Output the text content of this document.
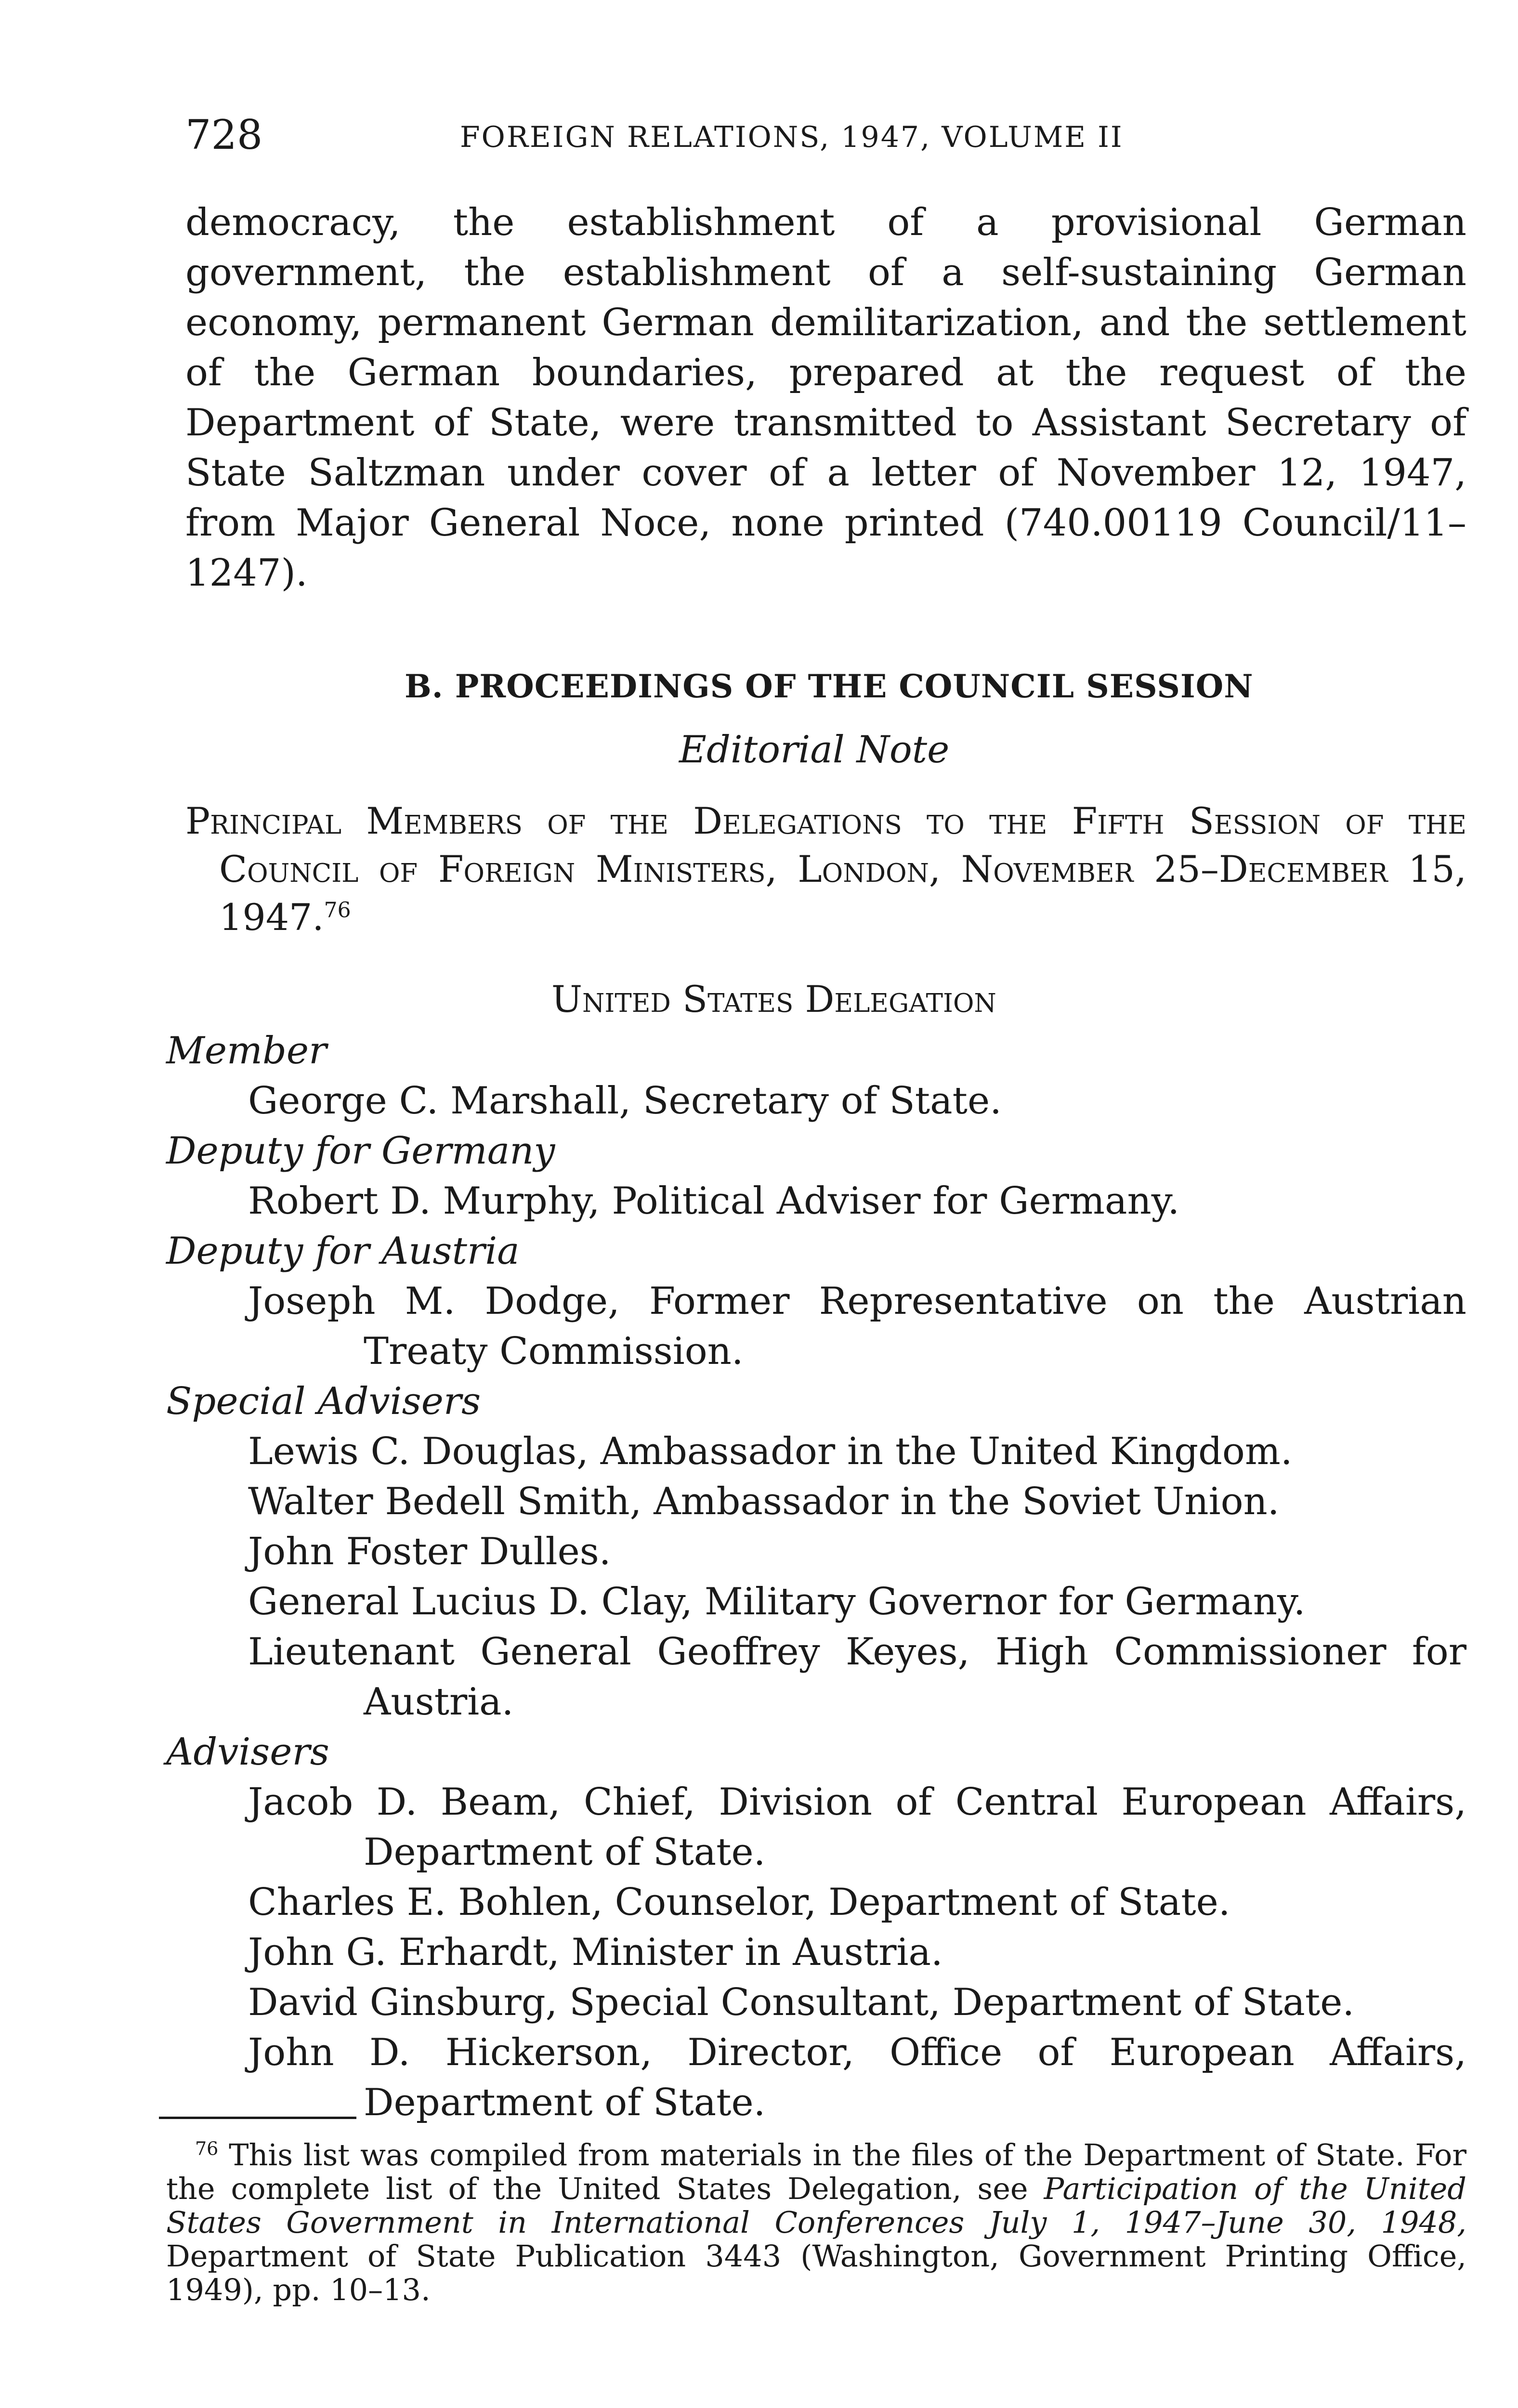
728	FOREIGN RELATIONS, 1947, VOLUME II

democracy, the establishment of a provisional German government, the establishment of a self-sustaining German economy, permanent German demilitarization, and the settlement of the German boundaries, prepared at the request of the Department of State, were transmitted to Assistant Secretary of State Saltzman under cover of a letter of November 12, 1947, from Major General Noce, none printed (740.00119 Council/11–1247).

B. PROCEEDINGS OF THE COUNCIL SESSION
Editorial Note

Principal Members of the Delegations to the Fifth Session of the Council of Foreign Ministers, London, November 25–December 15, 1947.76

United States Delegation

Member

George C. Marshall, Secretary of State.

Deputy for Germany

Robert D. Murphy, Political Adviser for Germany.

Deputy for Austria

Joseph M. Dodge, Former Representative on the Austrian Treaty Commission.

Special Advisers

Lewis C. Douglas, Ambassador in the United Kingdom.

Walter Bedell Smith, Ambassador in the Soviet Union.

John Foster Dulles.

General Lucius D. Clay, Military Governor for Germany.

Lieutenant General Geoffrey Keyes, High Commissioner for Austria.

Advisers

Jacob D. Beam, Chief, Division of Central European Affairs, Department of State.

Charles E. Bohlen, Counselor, Department of State.

John G. Erhardt, Minister in Austria.

David Ginsburg, Special Consultant, Department of State.

John D. Hickerson, Director, Office of European Affairs, Department of State.

$^{76}$ This list was compiled from materials in the files of the Department of State. For the complete list of the United States Delegation, see Participation of the United States Government in International Conferences July 1, 1947–June 30, 1948, Department of State Publication 3443 (Washington, Government Printing Office, 1949), pp. 10–13.
